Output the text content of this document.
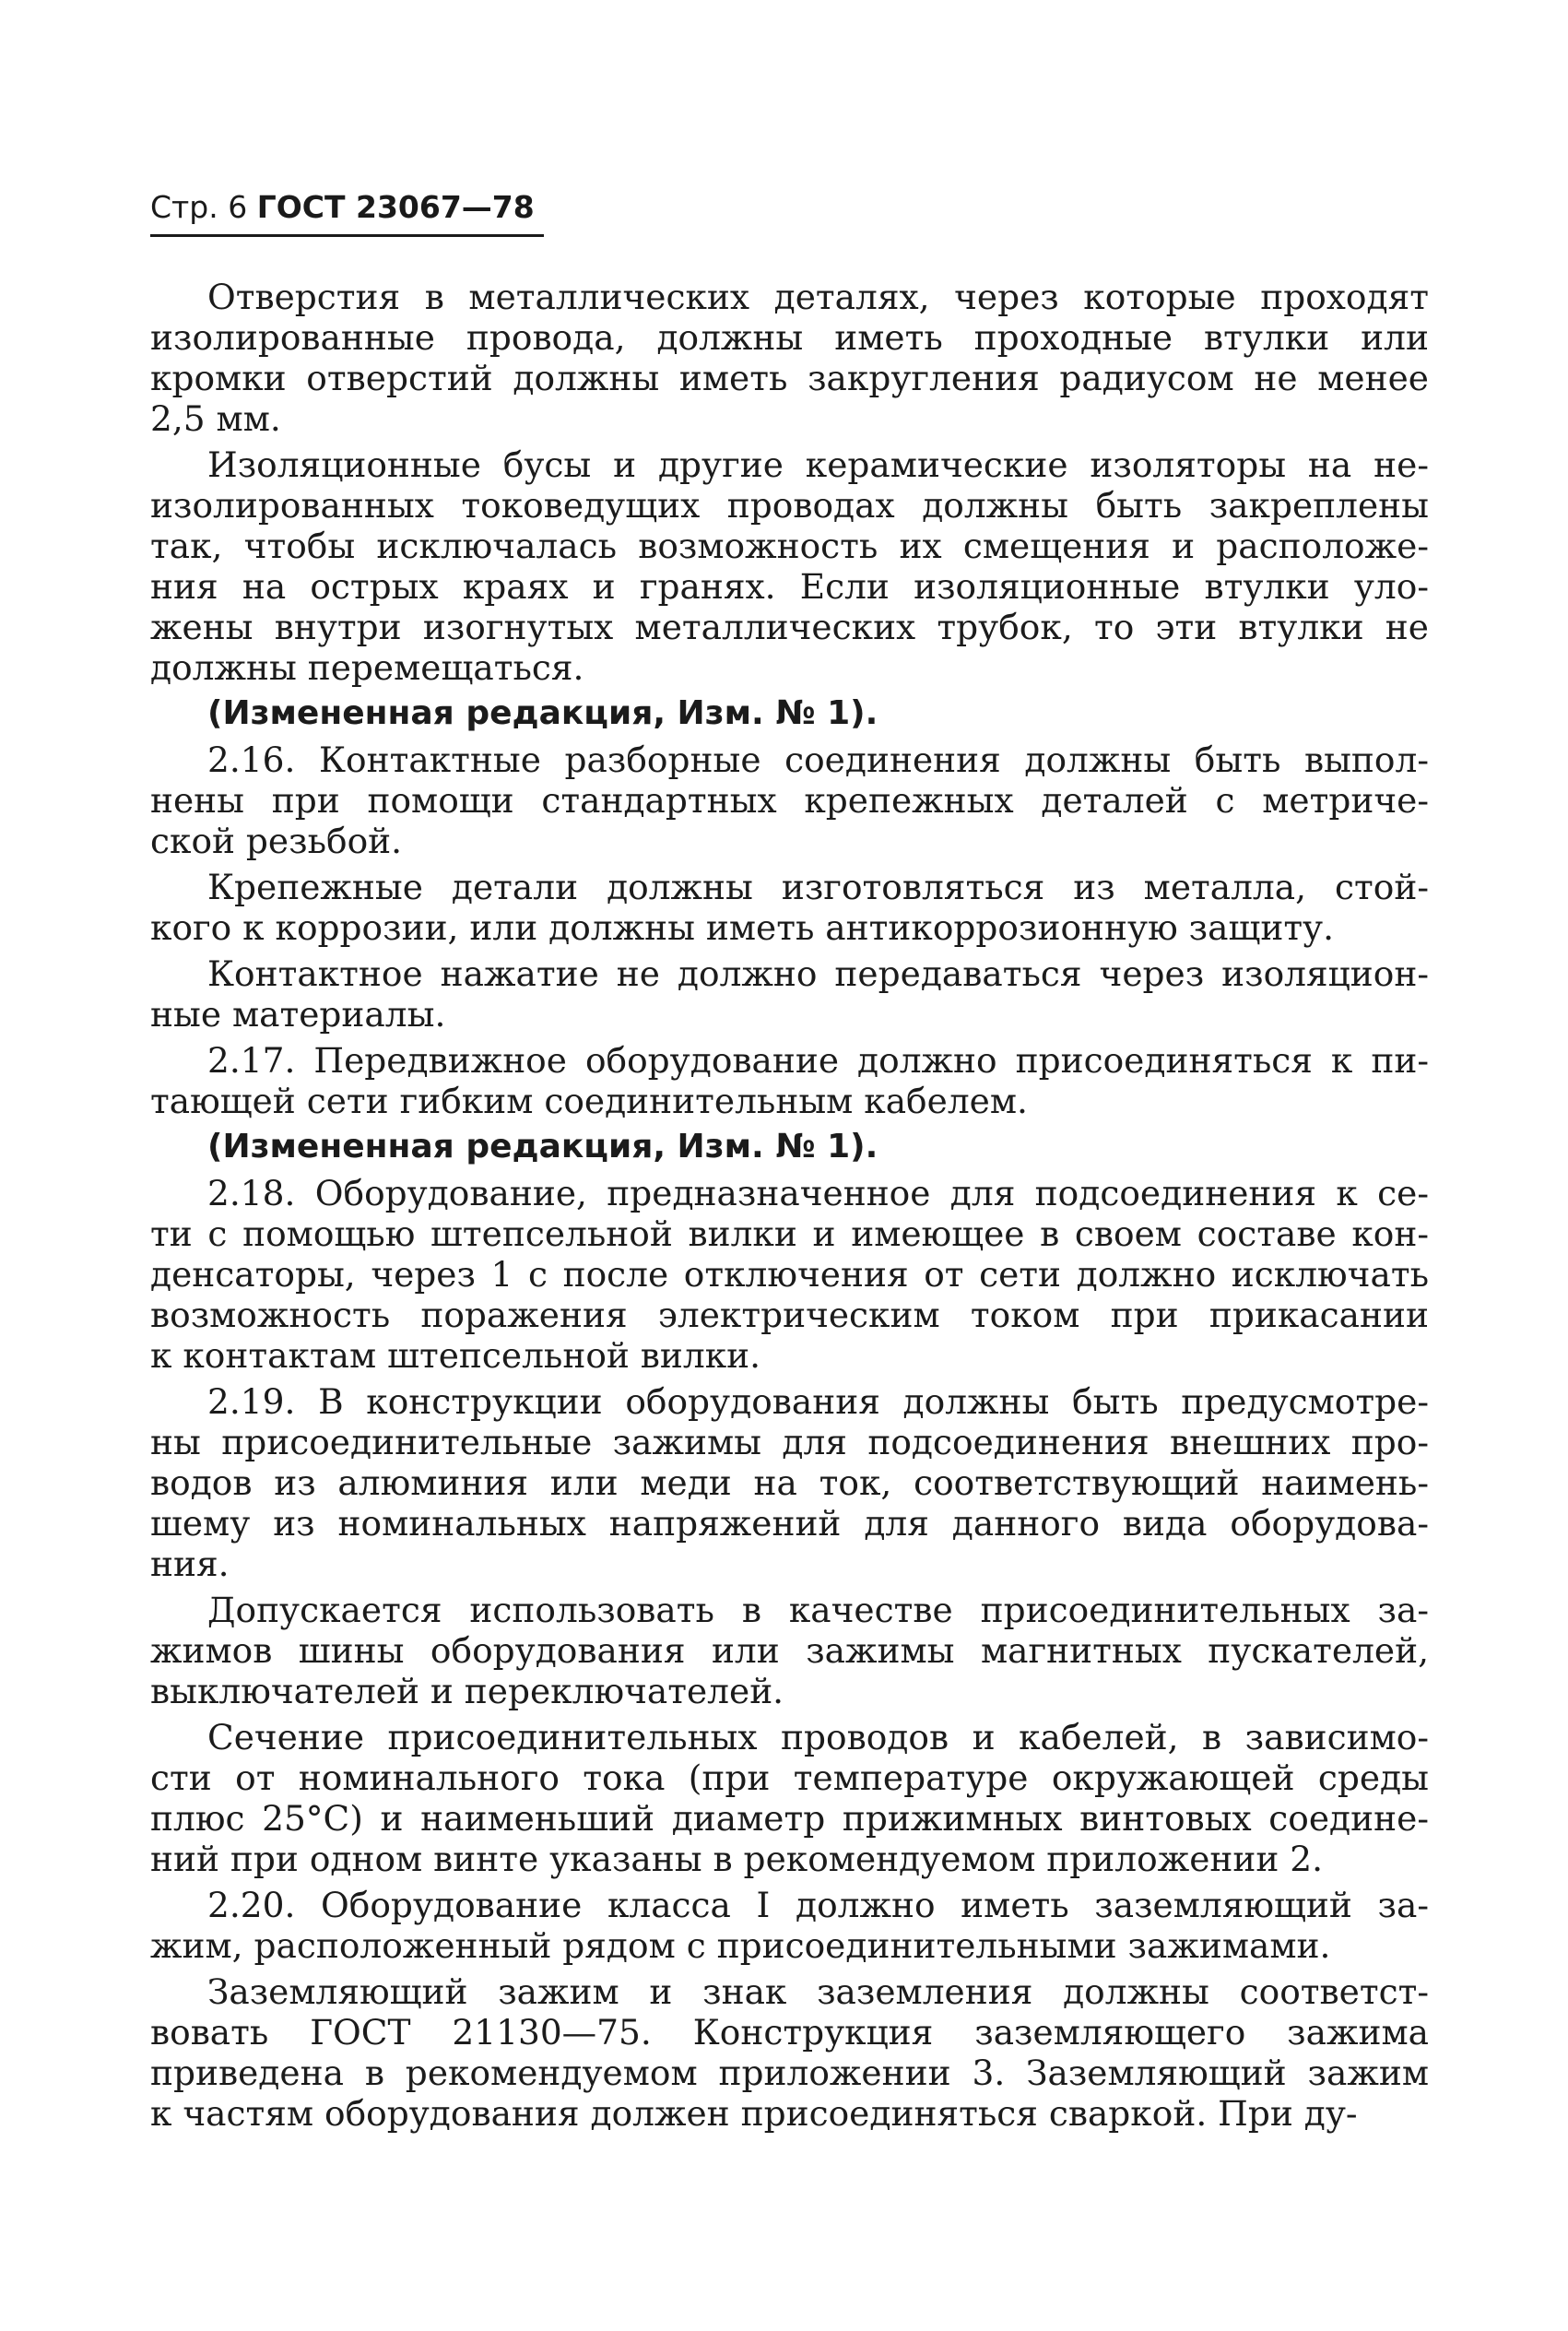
Стр. 6 ГОСТ 23067—78
Отверстия в металлических деталях, через которые проходят
изолированные провода, должны иметь проходные втулки или
кромки отверстий должны иметь закругления радиусом не менее
2,5 мм.
Изоляционные бусы и другие керамические изоляторы на не-
изолированных токоведущих проводах должны быть закреплены
так, чтобы исключалась возможность их смещения и расположе-
ния на острых краях и гранях. Если изоляционные втулки уло-
жены внутри изогнутых металлических трубок, то эти втулки не
должны перемещаться.
(Измененная редакция, Изм. № 1).
2.16. Контактные разборные соединения должны быть выпол-
нены при помощи стандартных крепежных деталей с метриче-
ской резьбой.
Крепежные детали должны изготовляться из металла, стой-
кого к коррозии, или должны иметь антикоррозионную защиту.
Контактное нажатие не должно передаваться через изоляцион-
ные материалы.
2.17. Передвижное оборудование должно присоединяться к пи-
тающей сети гибким соединительным кабелем.
(Измененная редакция, Изм. № 1).
2.18. Оборудование, предназначенное для подсоединения к се-
ти с помощью штепсельной вилки и имеющее в своем составе кон-
денсаторы, через 1 с после отключения от сети должно исключать
возможность поражения электрическим током при прикасании
к контактам штепсельной вилки.
2.19. В конструкции оборудования должны быть предусмотре-
ны присоединительные зажимы для подсоединения внешних про-
водов из алюминия или меди на ток, соответствующий наимень-
шему из номинальных напряжений для данного вида оборудова-
ния.
Допускается использовать в качестве присоединительных за-
жимов шины оборудования или зажимы магнитных пускателей,
выключателей и переключателей.
Сечение присоединительных проводов и кабелей, в зависимо-
сти от номинального тока (при температуре окружающей среды
плюс 25°С) и наименьший диаметр прижимных винтовых соедине-
ний при одном винте указаны в рекомендуемом приложении 2.
2.20. Оборудование класса I должно иметь заземляющий за-
жим, расположенный рядом с присоединительными зажимами.
Заземляющий зажим и знак заземления должны соответст-
вовать ГОСТ 21130—75. Конструкция заземляющего зажима
приведена в рекомендуемом приложении 3. Заземляющий зажим
к частям оборудования должен присоединяться сваркой. При ду-
